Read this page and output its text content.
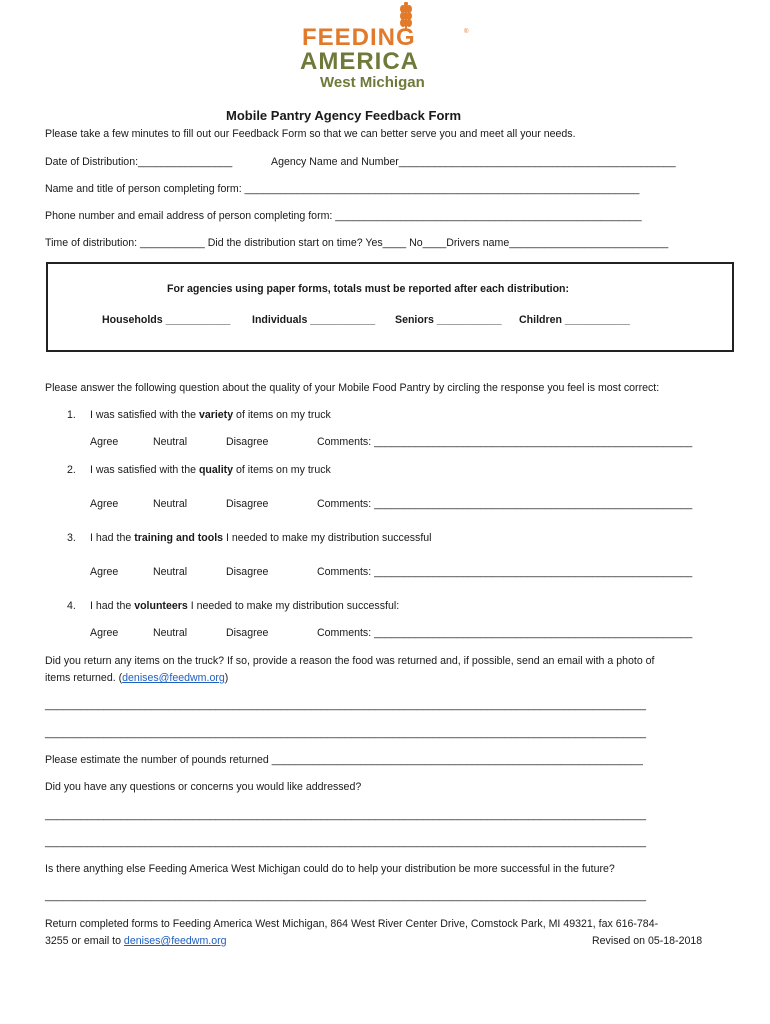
FEEDING	®
AMERICA
West Michigan
Mobile Pantry Agency Feedback Form
Please take a few minutes to fill out our Feedback Form so that we can better serve you and meet all your needs.
Date of Distribution:________________	Agency Name and Number_______________________________________________
Name and title of person completing form: ___________________________________________________________________
Phone number and email address of person completing form: ____________________________________________________
Time of distribution: ___________ Did the distribution start on time? Yes____ No____Drivers name___________________________
For agencies using paper forms, totals must be reported after each distribution:
Households ___________ Individuals ___________ Seniors ___________ Children ___________
Please answer the following question about the quality of your Mobile Food Pantry by circling the response you feel is most correct:
1. I was satisfied with the variety of items on my truck
Agree	Neutral	Disagree	Comments: ______________________________________________________
2. I was satisfied with the quality of items on my truck
Agree	Neutral	Disagree	Comments: ______________________________________________________
3. I had the training and tools I needed to make my distribution successful
Agree	Neutral	Disagree	Comments: ______________________________________________________
4. I had the volunteers I needed to make my distribution successful:
Agree	Neutral	Disagree	Comments: ______________________________________________________
Did you return any items on the truck? If so, provide a reason the food was returned and, if possible, send an email with a photo of
items returned. (denises@feedwm.org)
______________________________________________________________________________________________________
______________________________________________________________________________________________________
Please estimate the number of pounds returned _______________________________________________________________
Did you have any questions or concerns you would like addressed?
______________________________________________________________________________________________________
______________________________________________________________________________________________________
Is there anything else Feeding America West Michigan could do to help your distribution be more successful in the future?
______________________________________________________________________________________________________
Return completed forms to Feeding America West Michigan, 864 West River Center Drive, Comstock Park, MI 49321, fax 616-784-
3255 or email to denises@feedwm.org	Revised on 05-18-2018
